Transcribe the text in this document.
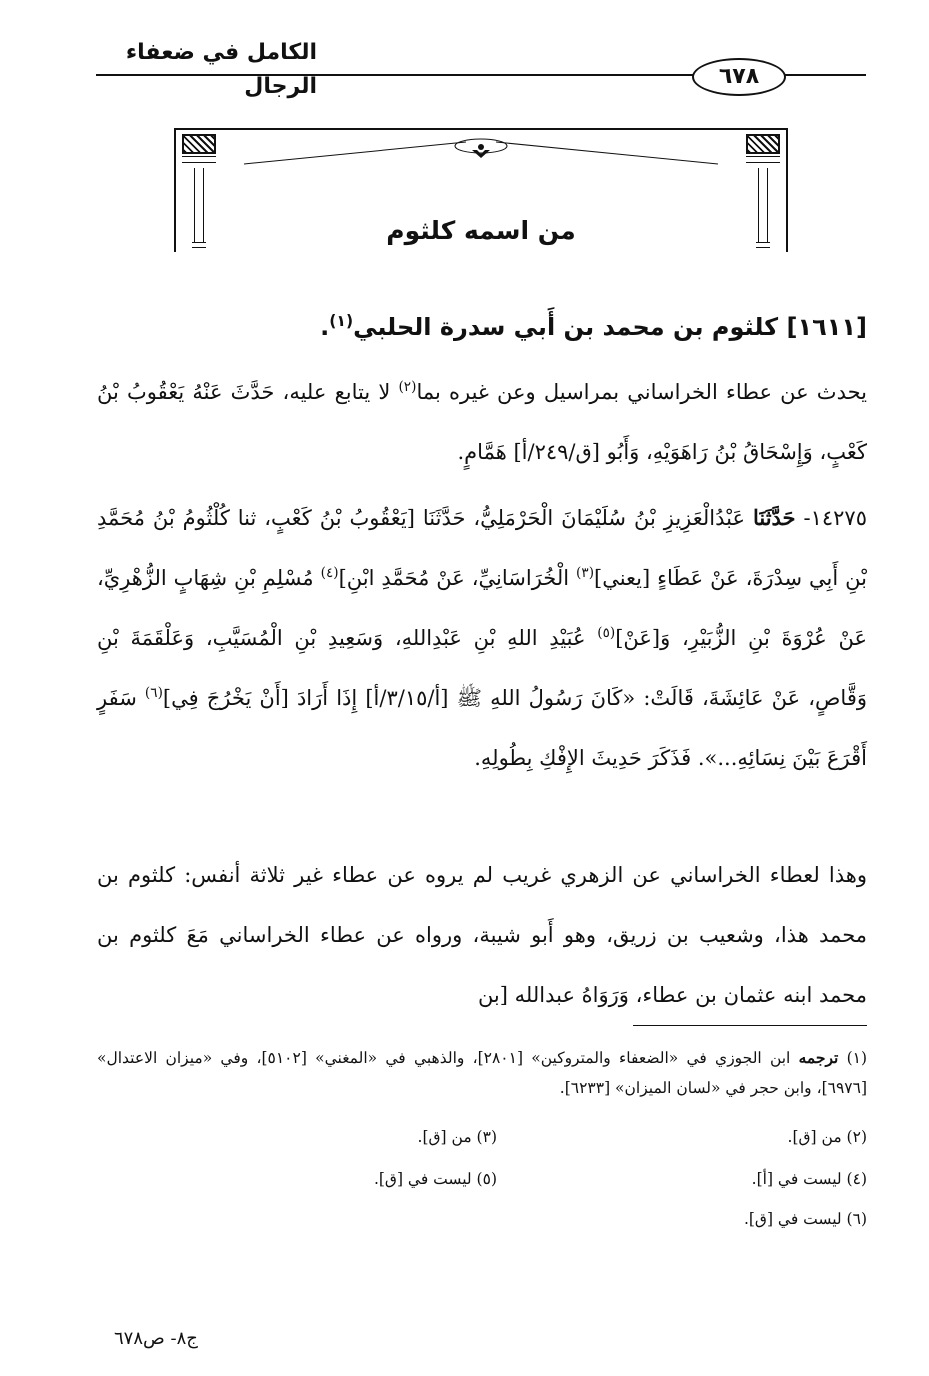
الكامل في ضعفاء الرجال	٦٧٨
من اسمه كلثوم
[١٦١١] كلثوم بن محمد بن أَبي سدرة الحلبي$^{(١)}$.
يحدث عن عطاء الخراساني بمراسيل وعن غيره بما$^{(٢)}$ لا يتابع عليه، حَدَّثَ عَنْهُ يَعْقُوبُ بْنُ كَعْبٍ، وَإِسْحَاقُ بْنُ رَاهَوَيْهِ، وَأَبُو [ق/٢٤٩/أ] هَمَّامٍ.
١٤٢٧٥- حَدَّثَنَا عَبْدُالْعَزِيزِ بْنُ سُلَيْمَانَ الْحَرْمَلِيُّ، حَدَّثَنَا [يَعْقُوبُ بْنُ كَعْبٍ، ثنا كُلْثُومُ بْنُ مُحَمَّدِ بْنِ أَبِي سِدْرَةَ، عَنْ عَطَاءٍ [يعني]$^{(٣)}$ الْخُرَاسَانِيِّ، عَنْ مُحَمَّدِ ابْنِ]$^{(٤)}$ مُسْلِمِ بْنِ شِهَابٍ الزُّهْرِيِّ، عَنْ عُرْوَةَ بْنِ الزُّبَيْرِ، وَ[عَنْ]$^{(٥)}$ عُبَيْدِ اللهِ بْنِ عَبْدِاللهِ، وَسَعِيدِ بْنِ الْمُسَيَّبِ، وَعَلْقَمَةَ بْنِ وَقَّاصٍ، عَنْ عَائِشَةَ، قَالَتْ: «كَانَ رَسُولُ اللهِ ﷺ [أ/٣/١٥/أ] إِذَا أَرَادَ [أَنْ يَخْرُجَ فِي]$^{(٦)}$ سَفَرٍ أَقْرَعَ بَيْنَ نِسَائِهِ...». فَذَكَرَ حَدِيثَ الإِفْكِ بِطُولِهِ.
وهذا لعطاء الخراساني عن الزهري غريب لم يروه عن عطاء غير ثلاثة أنفس: كلثوم بن محمد هذا، وشعيب بن زريق، وهو أَبو شيبة، ورواه عن عطاء الخراساني مَعَ كلثوم بن محمد ابنه عثمان بن عطاء، وَرَوَاهُ عبدالله [بن
(١) ترجمه ابن الجوزي في «الضعفاء والمتروكين» [٢٨٠١]، والذهبي في «المغني» [٥١٠٢]، وفي «ميزان الاعتدال» [٦٩٧٦]، وابن حجر في «لسان الميزان» [٦٢٣٣].
(٢) من [ق].
(٣) من [ق].
(٤) ليست في [أ].
(٥) ليست في [ق].
(٦) ليست في [ق].
ج٨- ص٦٧٨
